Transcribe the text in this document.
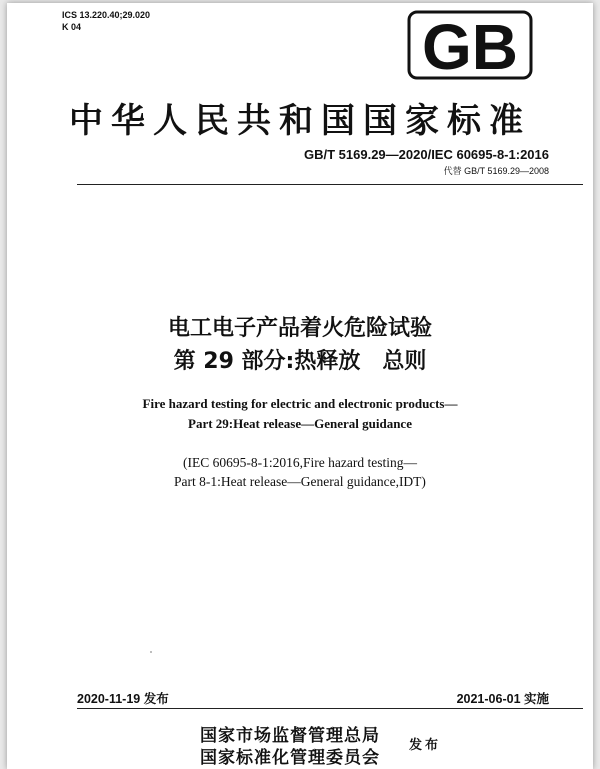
ICS 13.220.40;29.020
K 04	GB
中华人民共和国国家标准
GB/T 5169.29—2020/IEC 60695-8-1:2016
代替 GB/T 5169.29—2008
电工电子产品着火危险试验
第 29 部分:热释放　总则
Fire hazard testing for electric and electronic products—
Part 29:Heat release—General guidance
(IEC 60695-8-1:2016,Fire hazard testing—
Part 8-1:Heat release—General guidance,IDT)
2020-11-19 发布	2021-06-01 实施
国家市场监督管理总局
国家标准化管理委员会
发布
